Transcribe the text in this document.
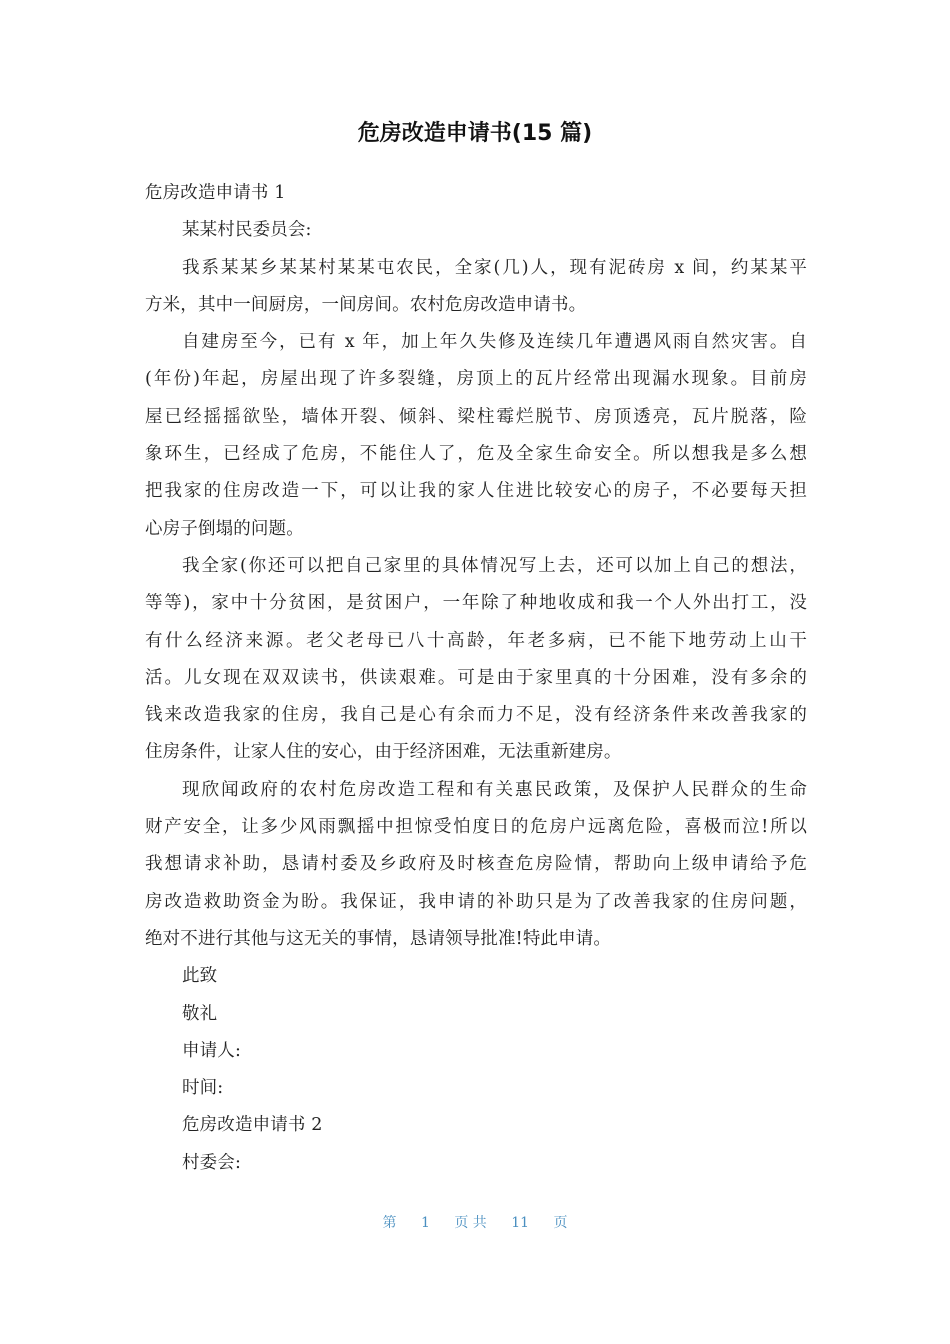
危房改造申请书(15 篇)
危房改造申请书 1
某某村民委员会:
我系某某乡某某村某某屯农民，全家(几)人，现有泥砖房 x 间，约某某平
方米，其中一间厨房，一间房间。农村危房改造申请书。
自建房至今，已有 x 年，加上年久失修及连续几年遭遇风雨自然灾害。自
(年份)年起，房屋出现了许多裂缝，房顶上的瓦片经常出现漏水现象。目前房
屋已经摇摇欲坠，墙体开裂、倾斜、梁柱霉烂脱节、房顶透亮，瓦片脱落，险
象环生，已经成了危房，不能住人了，危及全家生命安全。所以想我是多么想
把我家的住房改造一下，可以让我的家人住进比较安心的房子，不必要每天担
心房子倒塌的问题。
我全家(你还可以把自己家里的具体情况写上去，还可以加上自己的想法，
等等)，家中十分贫困，是贫困户，一年除了种地收成和我一个人外出打工，没
有什么经济来源。老父老母已八十高龄，年老多病，已不能下地劳动上山干
活。儿女现在双双读书，供读艰难。可是由于家里真的十分困难，没有多余的
钱来改造我家的住房，我自己是心有余而力不足，没有经济条件来改善我家的
住房条件，让家人住的安心，由于经济困难，无法重新建房。
现欣闻政府的农村危房改造工程和有关惠民政策，及保护人民群众的生命
财产安全，让多少风雨飘摇中担惊受怕度日的危房户远离危险，喜极而泣!所以
我想请求补助，恳请村委及乡政府及时核查危房险情，帮助向上级申请给予危
房改造救助资金为盼。我保证，我申请的补助只是为了改善我家的住房问题，
绝对不进行其他与这无关的事情，恳请领导批准!特此申请。
此致
敬礼
申请人:
时间:
危房改造申请书 2
村委会:
第 1 页 共 11 页
